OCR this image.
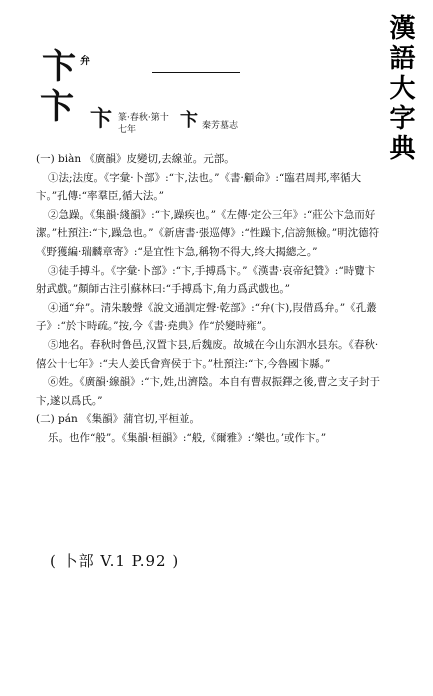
漢語大字典
卞 弁
卞 卞 篆·春秋·第十七年	卞 秦芳墓志

(一) biàn 《廣韻》皮變切,去線並。元部。

①法;法度。《字彙·卜部》:“卞,法也。”《書·顧命》:“臨君周邦,率循大卞。”孔傳:“率羣臣,循大法。”

②急躁。《集韻·綫韻》:“卞,躁疾也。”《左傳·定公三年》:“莊公卞急而好潔。”杜預注:“卞,躁急也。”《新唐書·張巡傳》:“性躁卞,信謗無檢。”明沈德符《野獲編·瑞麟章寄》:“是宜性卞急,稱物不得大,终大揭總之。”

③徒手搏斗。《字彙·卜部》:“卞,手搏爲卞。”《漢書·哀帝紀贊》:“時覽卞射武戲。”顏師古注引蘇林曰:“手搏爲卞,角力爲武戲也。”

④通“弁”。清朱駿聲《說文通訓定聲·乾部》:“弁(卞),叚借爲弁。”《孔叢子》:“於卞時疏。”按,今《書·堯典》作“於變時雍”。

⑤地名。春秋时鲁邑,汉置卞县,后魏废。故城在今山东泗水县东。《春秋·僖公十七年》:“夫人姜氏會齊侯于卞。”杜預注:“卞,今魯國卞縣。”

⑥姓。《廣韻·線韻》:“卞,姓,出濟陰。本自有曹叔振鐸之後,曹之支子封于卞,遂以爲氏。”

(二) pán 《集韻》蒲官切,平桓並。

乐。也作“般”。《集韻·桓韻》:“般,《爾雅》:‘樂也。’或作卞。”

( 卜部 V.1 P.92 )
